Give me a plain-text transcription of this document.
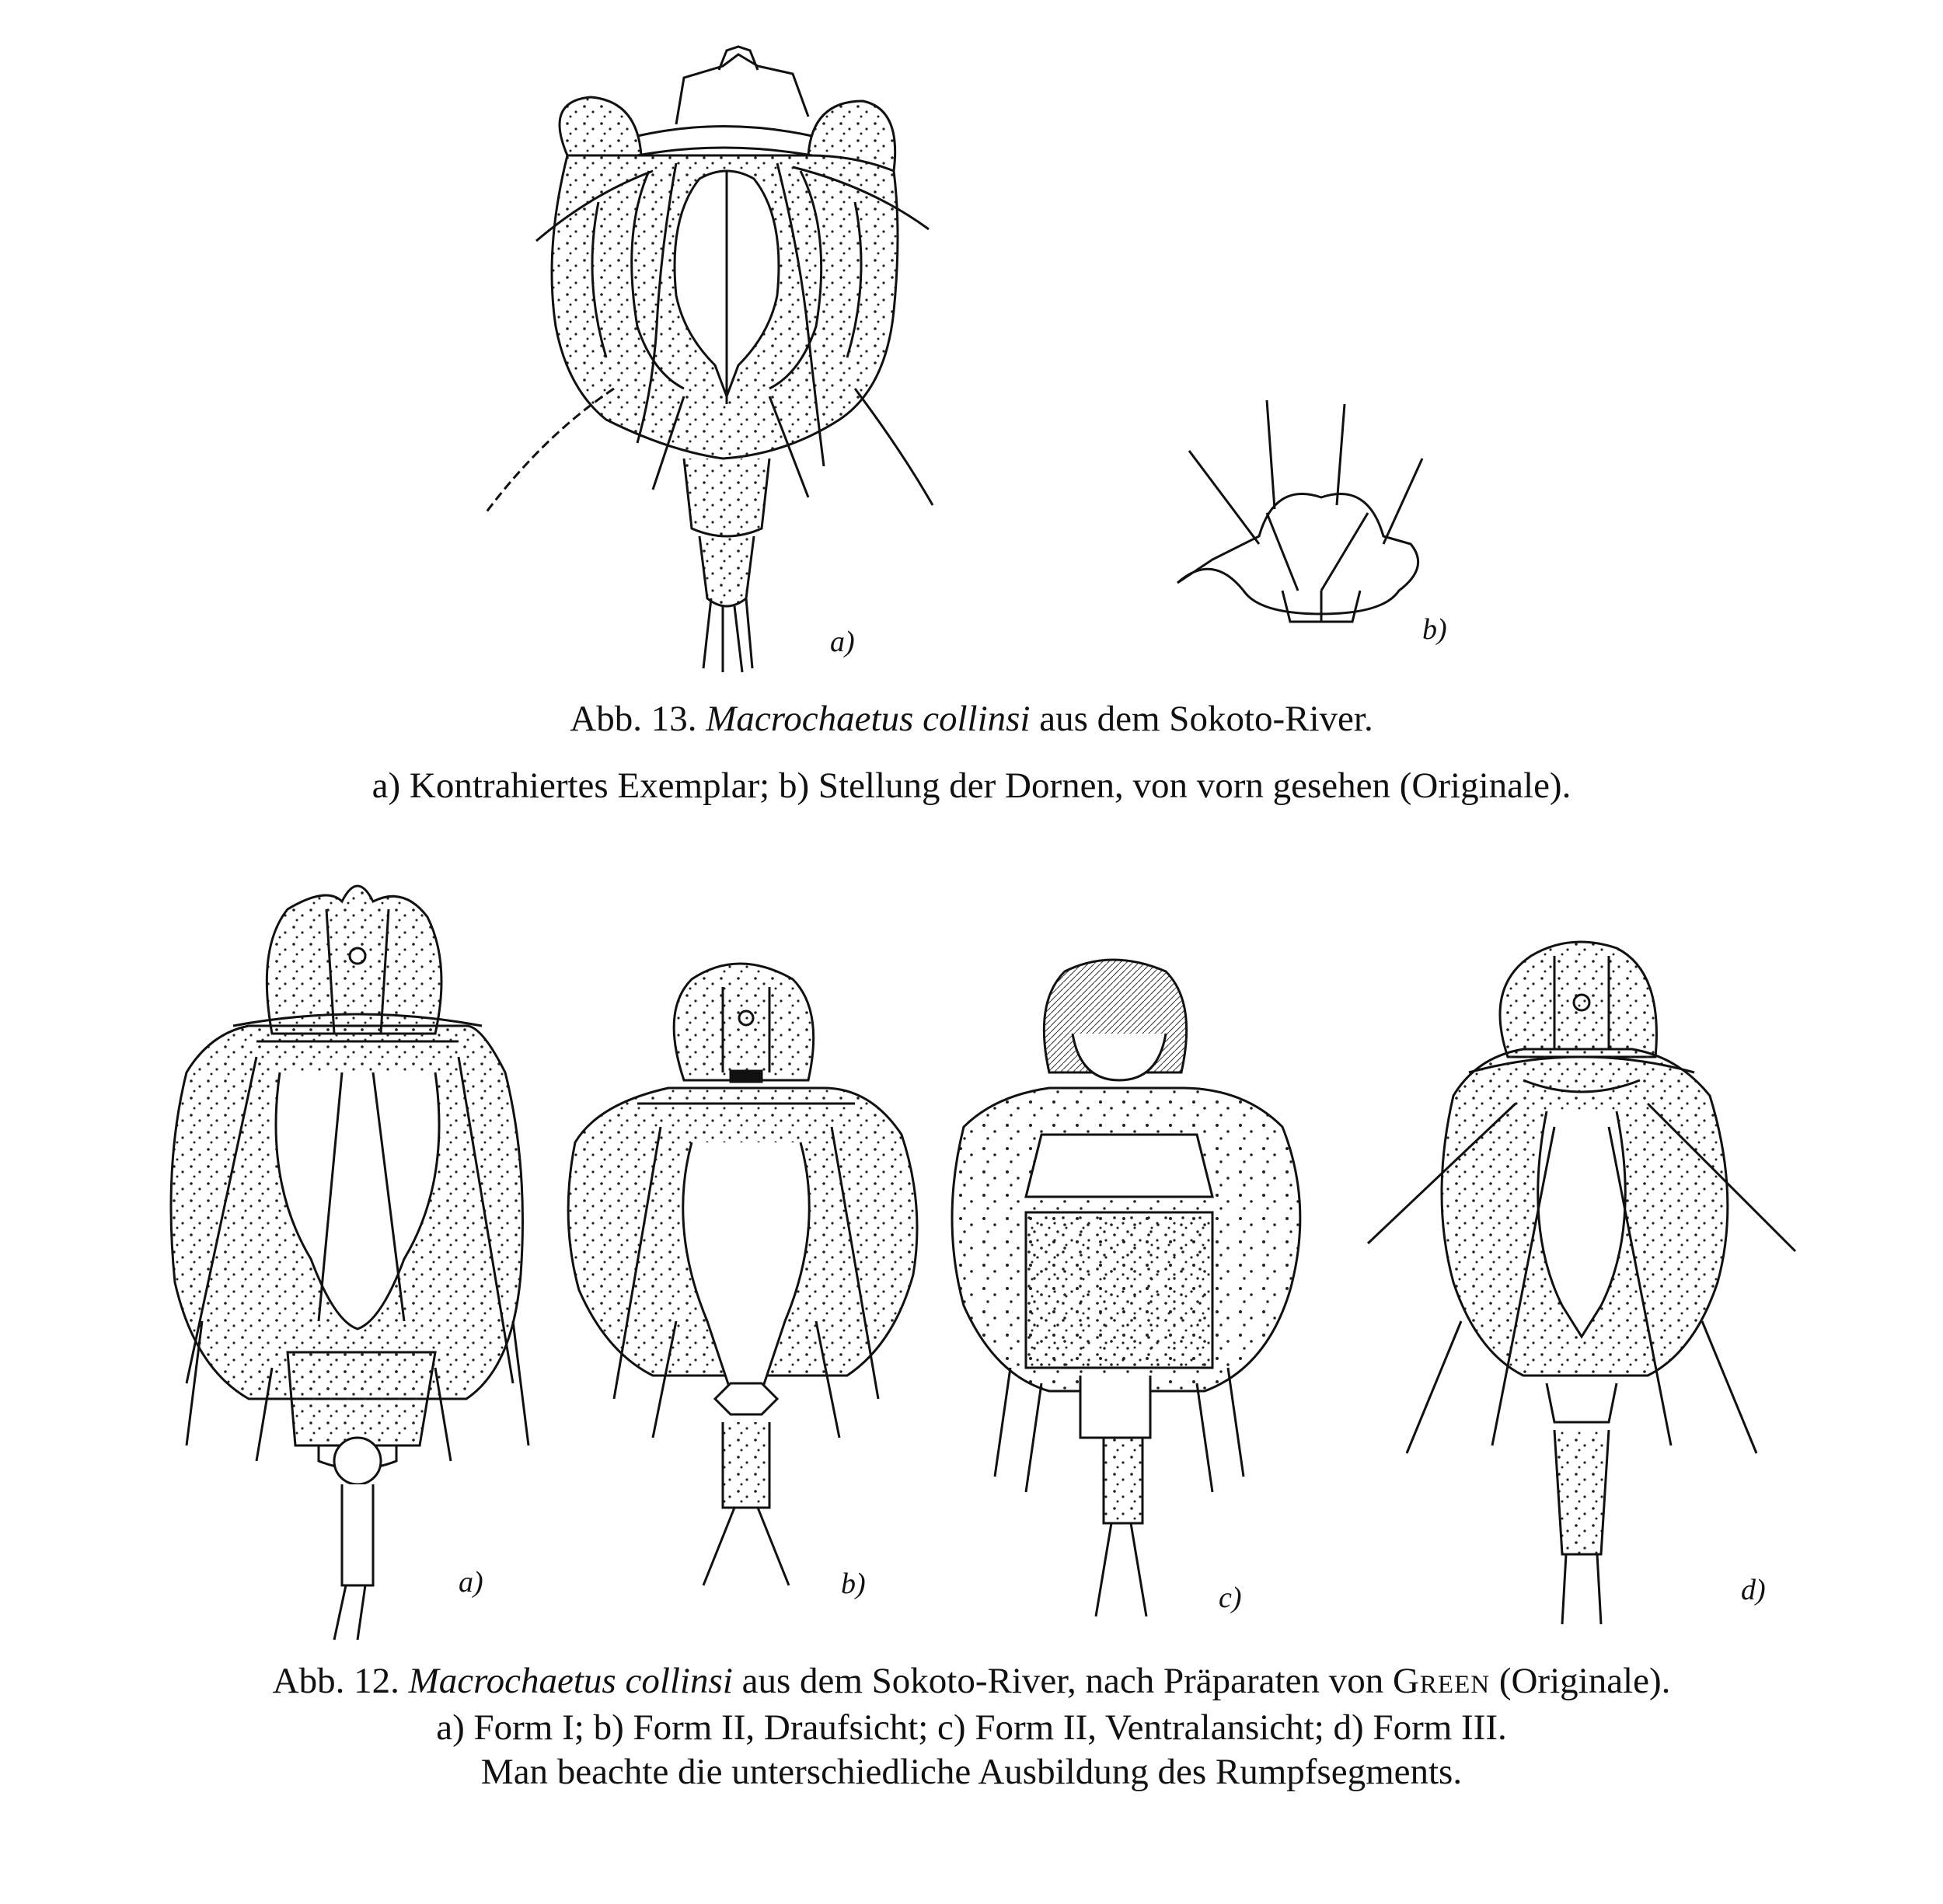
a)	b)
a)	b)	c)	d)
Abb. 13. Macrochaetus collinsi aus dem Sokoto-River.
a) Kontrahiertes Exemplar; b) Stellung der Dornen, von vorn gesehen (Originale).
Abb. 12. Macrochaetus collinsi aus dem Sokoto-River, nach Präparaten von Green (Originale).
a) Form I; b) Form II, Draufsicht; c) Form II, Ventralansicht; d) Form III.
Man beachte die unterschiedliche Ausbildung des Rumpfsegments.
